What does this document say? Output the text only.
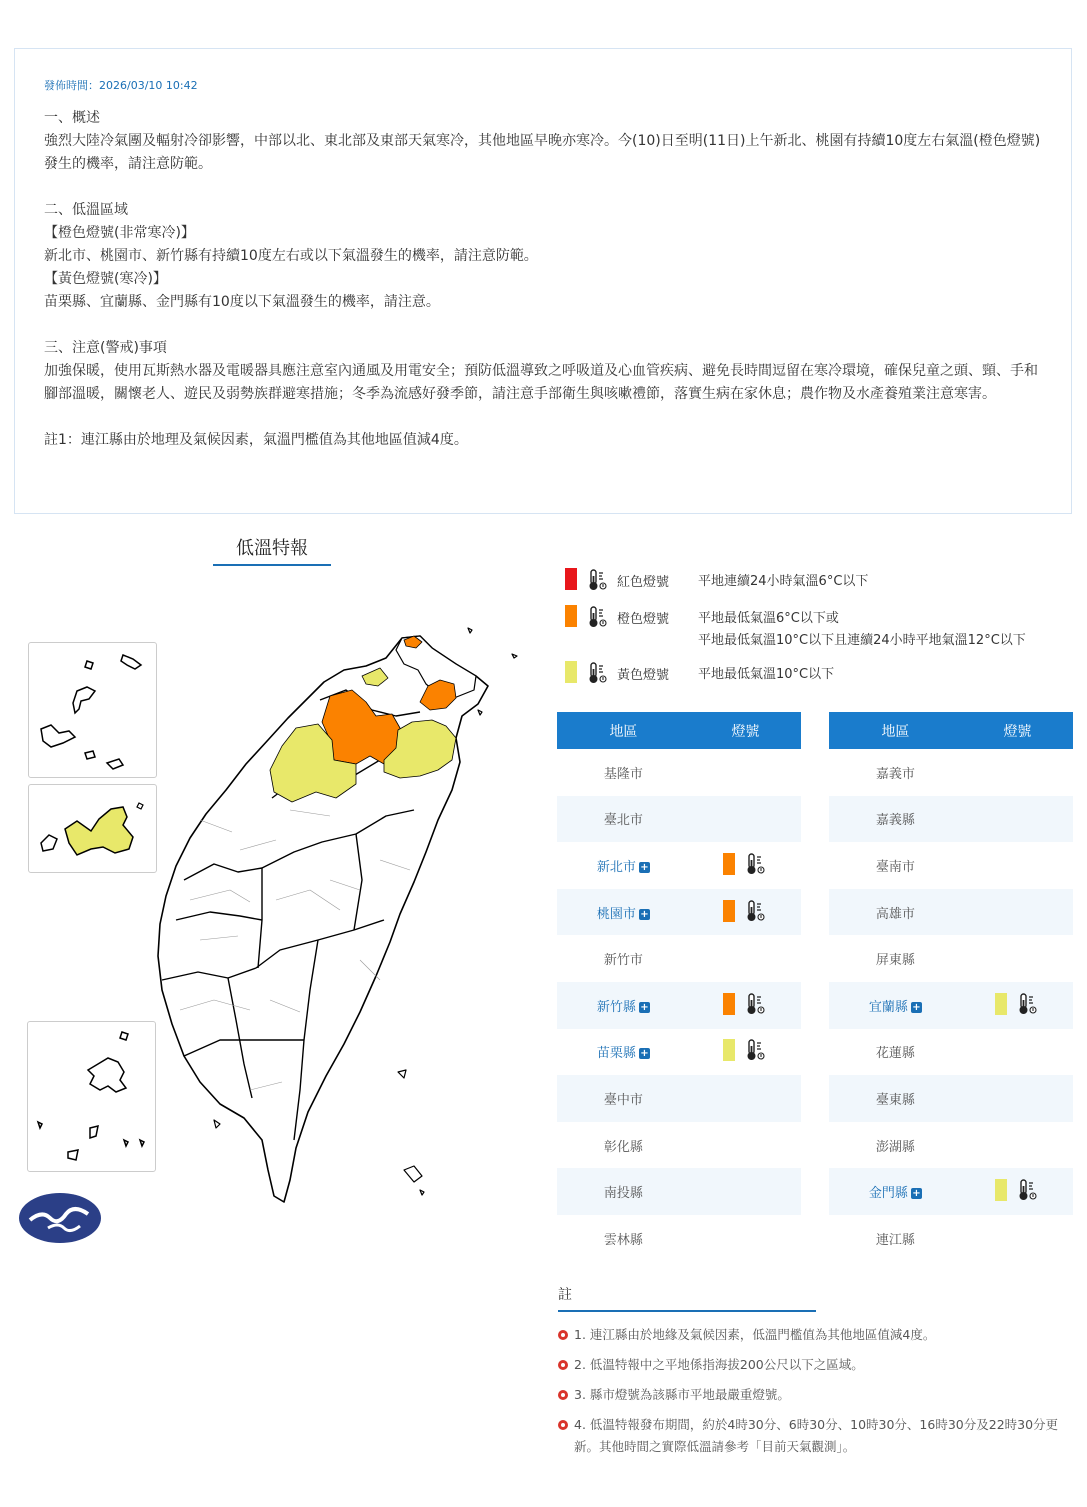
發佈時間：2026/03/10 10:42
一、概述
強烈大陸冷氣團及輻射冷卻影響，中部以北、東北部及東部天氣寒冷，其他地區早晚亦寒冷。今(10)日至明(11日)上午新北、桃園有持續10度左右氣溫(橙色燈號)發生的機率，請注意防範。
二、低溫區域
【橙色燈號(非常寒冷)】
新北市、桃園市、新竹縣有持續10度左右或以下氣溫發生的機率，請注意防範。
【黃色燈號(寒冷)】
苗栗縣、宜蘭縣、金門縣有10度以下氣溫發生的機率，請注意。
三、注意(警戒)事項
加強保暖，使用瓦斯熱水器及電暖器具應注意室內通風及用電安全；預防低溫導致之呼吸道及心血管疾病、避免長時間逗留在寒冷環境，確保兒童之頭、頸、手和腳部溫暖，關懷老人、遊民及弱勢族群避寒措施；冬季為流感好發季節，請注意手部衛生與咳嗽禮節，落實生病在家休息；農作物及水產養殖業注意寒害。
註1：連江縣由於地理及氣候因素，氣溫門檻值為其他地區值減4度。
低溫特報
紅色燈號 平地連續24小時氣溫6°C以下
橙色燈號 平地最低氣溫6°C以下或
平地最低氣溫10°C以下且連續24小時平地氣溫12°C以下
黃色燈號 平地最低氣溫10°C以下
地區	燈號
基隆市	
臺北市	
新北市 +	

桃園市 +	

新竹市	
新竹縣 +	

苗栗縣 +	

臺中市	
彰化縣	
南投縣	
雲林縣	
地區	燈號
嘉義市	
嘉義縣	
臺南市	
高雄市	
屏東縣	
宜蘭縣 +	

花蓮縣	
臺東縣	
澎湖縣	
金門縣 +	

連江縣	
註
1. 連江縣由於地緣及氣候因素，低溫門檻值為其他地區值減4度。
2. 低溫特報中之平地係指海拔200公尺以下之區域。
3. 縣市燈號為該縣市平地最嚴重燈號。
4. 低溫特報發布期間，約於4時30分、6時30分、10時30分、16時30分及22時30分更新。其他時間之實際低溫請參考「目前天氣觀測」。
